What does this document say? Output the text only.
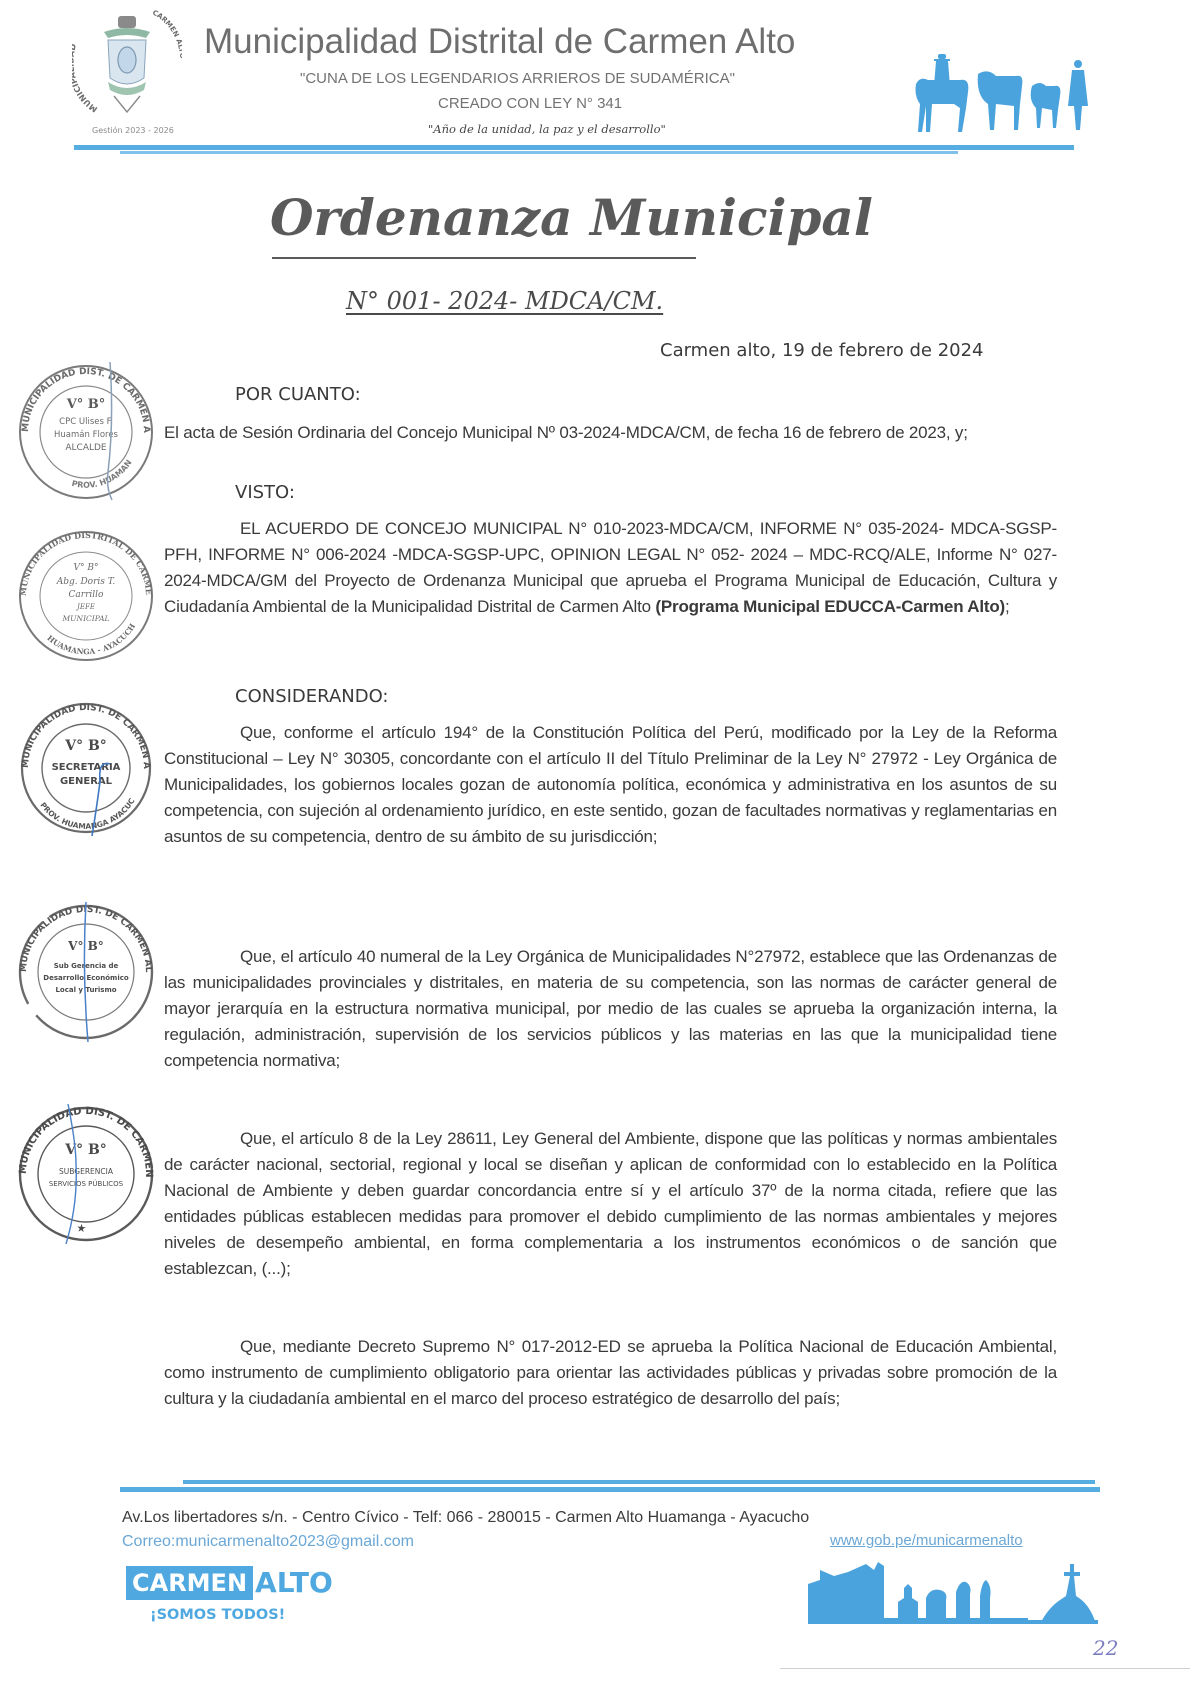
MUNIC
CARMEN
Gestión 2023 - 2026
Municipalidad Distrital de Carmen Alto
"CUNA DE LOS LEGENDARIOS ARRIEROS DE SUDAMÉRICA"
CREADO CON LEY N° 341
"Año de la unidad, la paz y el desarrollo"
Ordenanza Municipal
N° 001- 2024- MDCA/CM.
Carmen alto, 19 de febrero de 2024
POR CUANTO:
El acta de Sesión Ordinaria del Concejo Municipal Nº 03-2024-MDCA/CM, de fecha 16 de febrero de 2023, y;
VISTO:
EL ACUERDO DE CONCEJO MUNICIPAL N° 010-2023-MDCA/CM, INFORME N° 035-2024- MDCA-SGSP-PFH, INFORME N° 006-2024 -MDCA-SGSP-UPC, OPINION LEGAL N° 052- 2024 – MDC-RCQ/ALE, Informe N° 027-2024-MDCA/GM del Proyecto de Ordenanza Municipal que aprueba el Programa Municipal de Educación, Cultura y Ciudadanía Ambiental de la Municipalidad Distrital de Carmen Alto (Programa Municipal EDUCCA-Carmen Alto);
CONSIDERANDO:
Que, conforme el artículo 194° de la Constitución Política del Perú, modificado por la Ley de la Reforma Constitucional – Ley N° 30305, concordante con el artículo II del Título Preliminar de la Ley N° 27972 - Ley Orgánica de Municipalidades, los gobiernos locales gozan de autonomía política, económica y administrativa en los asuntos de su competencia, con sujeción al ordenamiento jurídico, en este sentido, gozan de facultades normativas y reglamentarias en asuntos de su competencia, dentro de su ámbito de su jurisdicción;
Que, el artículo 40 numeral de la Ley Orgánica de Municipalidades N°27972, establece que las Ordenanzas de las municipalidades provinciales y distritales, en materia de su competencia, son las normas de carácter general de mayor jerarquía en la estructura normativa municipal, por medio de las cuales se aprueba la organización interna, la regulación, administración, supervisión de los servicios públicos y las materias en las que la municipalidad tiene competencia normativa;
Que, el artículo 8 de la Ley 28611, Ley General del Ambiente, dispone que las políticas y normas ambientales de carácter nacional, sectorial, regional y local se diseñan y aplican de conformidad con lo establecido en la Política Nacional de Ambiente y deben guardar concordancia entre sí y el artículo 37º de la norma citada, refiere que las entidades públicas establecen medidas para promover el debido cumplimiento de las normas ambientales y mejores niveles de desempeño ambiental, en forma complementaria a los instrumentos económicos o de sanción que establezcan, (...);
Que, mediante Decreto Supremo N° 017-2012-ED se aprueba la Política Nacional de Educación Ambiental, como instrumento de cumplimiento obligatorio para orientar las actividades públicas y privadas sobre promoción de la cultura y la ciudadanía ambiental en el marco del proceso estratégico de desarrollo del país;
MUNICIPALIDAD DIST. DE CARMEN A
PROV. HUAMAN
V° B°
CPC Ulises F.
Huamán Flores
ALCALDE
MUNICIPALIDAD DISTRITAL DE CARME
HUAMANGA - AYACUCH
V° B°
Abg. Doris T.
Carrillo
JEFE
MUNICIPAL
MUNICIPALIDAD DIST. DE CARMEN A
PROV. HUAMANGA AYACUC
V° B°
SECRETARIA
GENERAL
MUNICIPALIDAD DIST. DE CARMEN AL
V° B°
Sub Gerencia de
Desarrollo Económico
Local y Turismo
MUNICIPALIDAD DIST. DE CARMEN
★
V° B°
SUBGERENCIA
SERVICIOS PÚBLICOS
Av.Los libertadores s/n. - Centro Cívico - Telf: 066 - 280015 - Carmen Alto Huamanga - Ayacucho
Correo:municarmenalto2023@gmail.com	www.gob.pe/municarmenalto
CARMEN ALTO
¡SOMOS TODOS!
22
